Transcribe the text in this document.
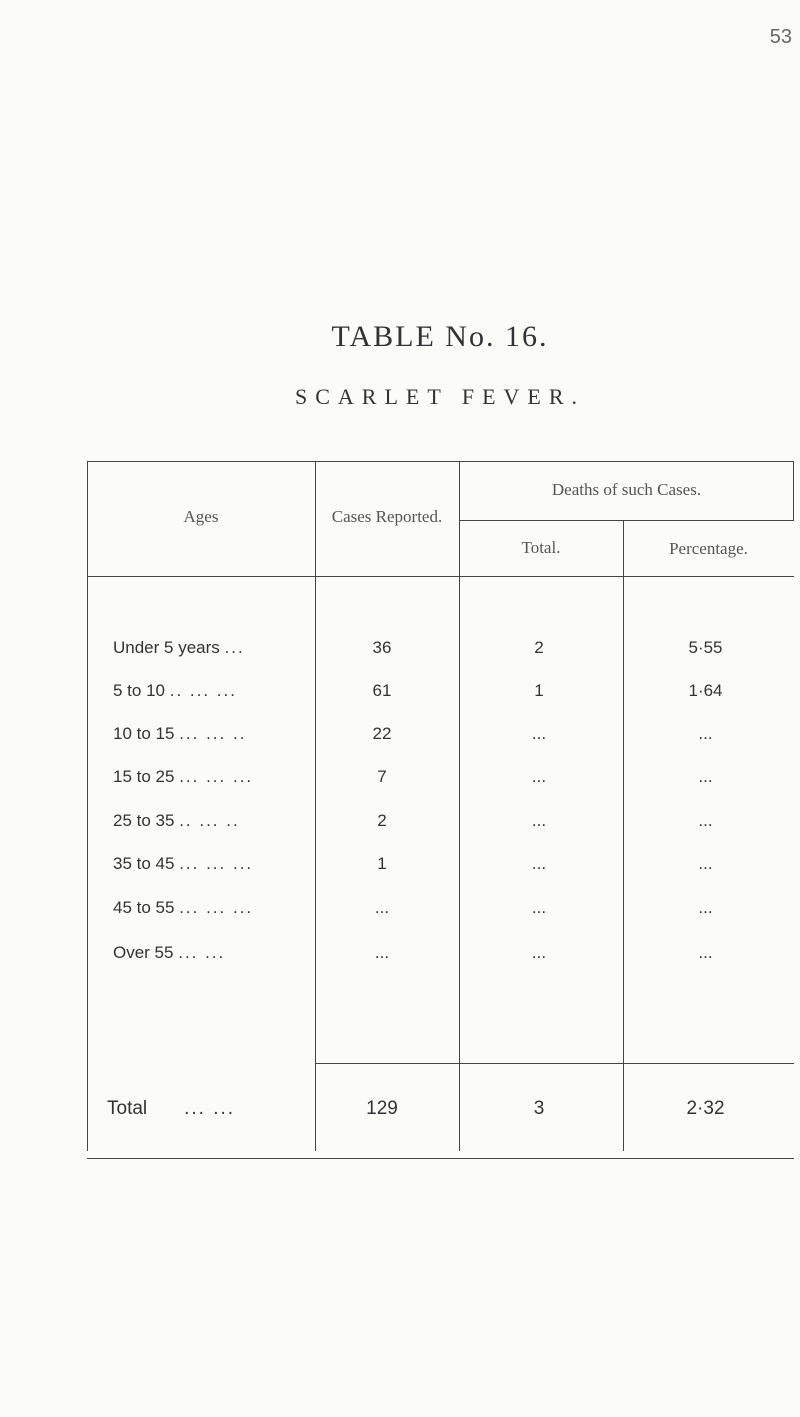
53
TABLE No. 16.
SCARLET FEVER.
Ages	Cases Reported.
Deaths of such Cases.
Total.	Percentage.
Under 5 years ...	36	2	5·55
5 to 10 .. ... ...	61	1	1·64
10 to 15 ... ... ..	22	...	...
15 to 25 ... ... ...	7	...	...
25 to 35 .. ... ..	2	...	...
35 to 45 ... ... ...	1	...	...
45 to 55 ... ... ...	...	...	...
Over 55 ... ...	...	...	...
Total ... ...	129	3	2·32
